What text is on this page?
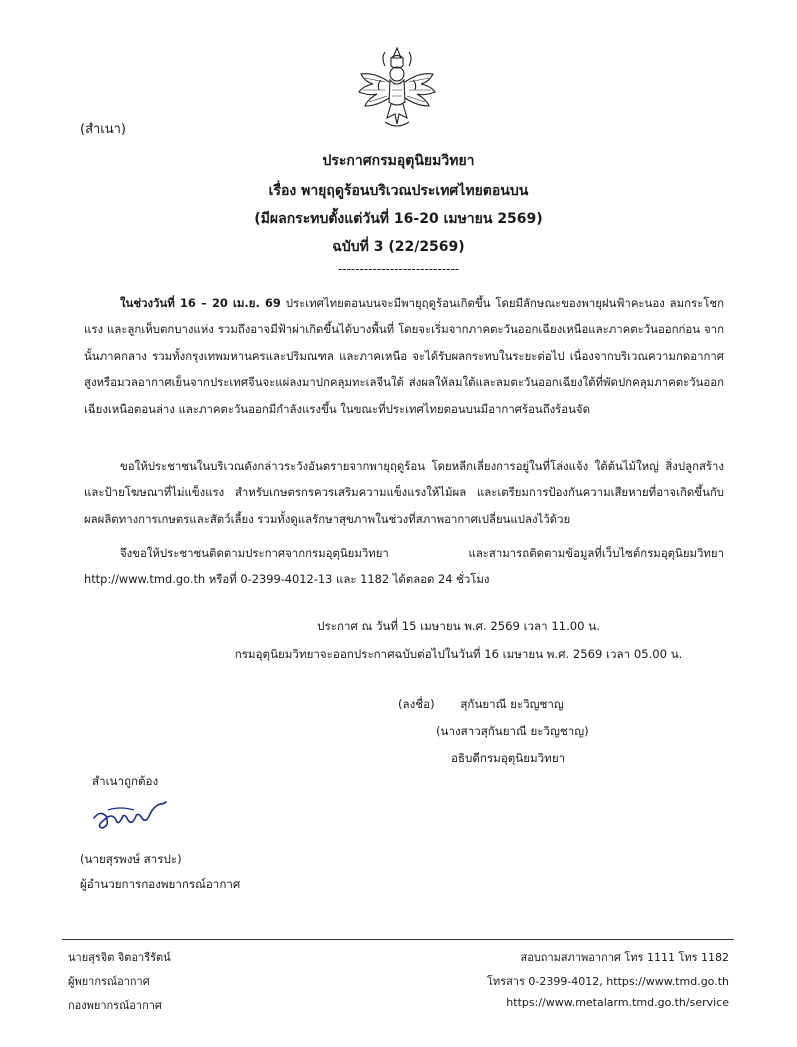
(สำเนา)
ประกาศกรมอุตุนิยมวิทยา
เรื่อง พายุฤดูร้อนบริเวณประเทศไทยตอนบน
(มีผลกระทบตั้งแต่วันที่ 16-20 เมษายน 2569)
ฉบับที่ 3 (22/2569)
----------------------------
ในช่วงวันที่ 16 – 20 เม.ย. 69 ประเทศไทยตอนบนจะมีพายุฤดูร้อนเกิดขึ้น โดยมีลักษณะของพายุฝนฟ้าคะนอง ลมกระโชกแรง และลูกเห็บตกบางแห่ง รวมถึงอาจมีฟ้าผ่าเกิดขึ้นได้บางพื้นที่ โดยจะเริ่มจากภาคตะวันออกเฉียงเหนือและภาคตะวันออกก่อน จากนั้นภาคกลาง รวมทั้งกรุงเทพมหานครและปริมณฑล และภาคเหนือ จะได้รับผลกระทบในระยะต่อไป เนื่องจากบริเวณความกดอากาศสูงหรือมวลอากาศเย็นจากประเทศจีนจะแผ่ลงมาปกคลุมทะเลจีนใต้ ส่งผลให้ลมใต้และลมตะวันออกเฉียงใต้ที่พัดปกคลุมภาคตะวันออกเฉียงเหนือตอนล่าง และภาคตะวันออกมีกำลังแรงขึ้น ในขณะที่ประเทศไทยตอนบนมีอากาศร้อนถึงร้อนจัด
ขอให้ประชาชนในบริเวณดังกล่าวระวังอันตรายจากพายุฤดูร้อน โดยหลีกเลี่ยงการอยู่ในที่โล่งแจ้ง ใต้ต้นไม้ใหญ่ สิ่งปลูกสร้าง และป้ายโฆษณาที่ไม่แข็งแรง สำหรับเกษตรกรควรเสริมความแข็งแรงให้ไม้ผล และเตรียมการป้องกันความเสียหายที่อาจเกิดขึ้นกับผลผลิตทางการเกษตรและสัตว์เลี้ยง รวมทั้งดูแลรักษาสุขภาพในช่วงที่สภาพอากาศเปลี่ยนแปลงไว้ด้วย
จึงขอให้ประชาชนติดตามประกาศจากกรมอุตุนิยมวิทยา และสามารถติดตามข้อมูลที่เว็บไซต์กรมอุตุนิยมวิทยา http://www.tmd.go.th หรือที่ 0-2399-4012-13 และ 1182 ได้ตลอด 24 ชั่วโมง
ประกาศ ณ วันที่ 15 เมษายน พ.ศ. 2569 เวลา 11.00 น.
กรมอุตุนิยมวิทยาจะออกประกาศฉบับต่อไปในวันที่ 16 เมษายน พ.ศ. 2569 เวลา 05.00 น.
(ลงชื่อ) สุกันยาณี ยะวิญชาญ
(นางสาวสุกันยาณี ยะวิญชาญ)
อธิบดีกรมอุตุนิยมวิทยา
สำเนาถูกต้อง
(นายสุรพงษ์ สารปะ)
ผู้อำนวยการกองพยากรณ์อากาศ
นายสุรจิต จิตอารีรัตน์
ผู้พยากรณ์อากาศ
กองพยากรณ์อากาศ
สอบถามสภาพอากาศ โทร 1111 โทร 1182
โทรสาร 0-2399-4012, https://www.tmd.go.th
https://www.metalarm.tmd.go.th/service
